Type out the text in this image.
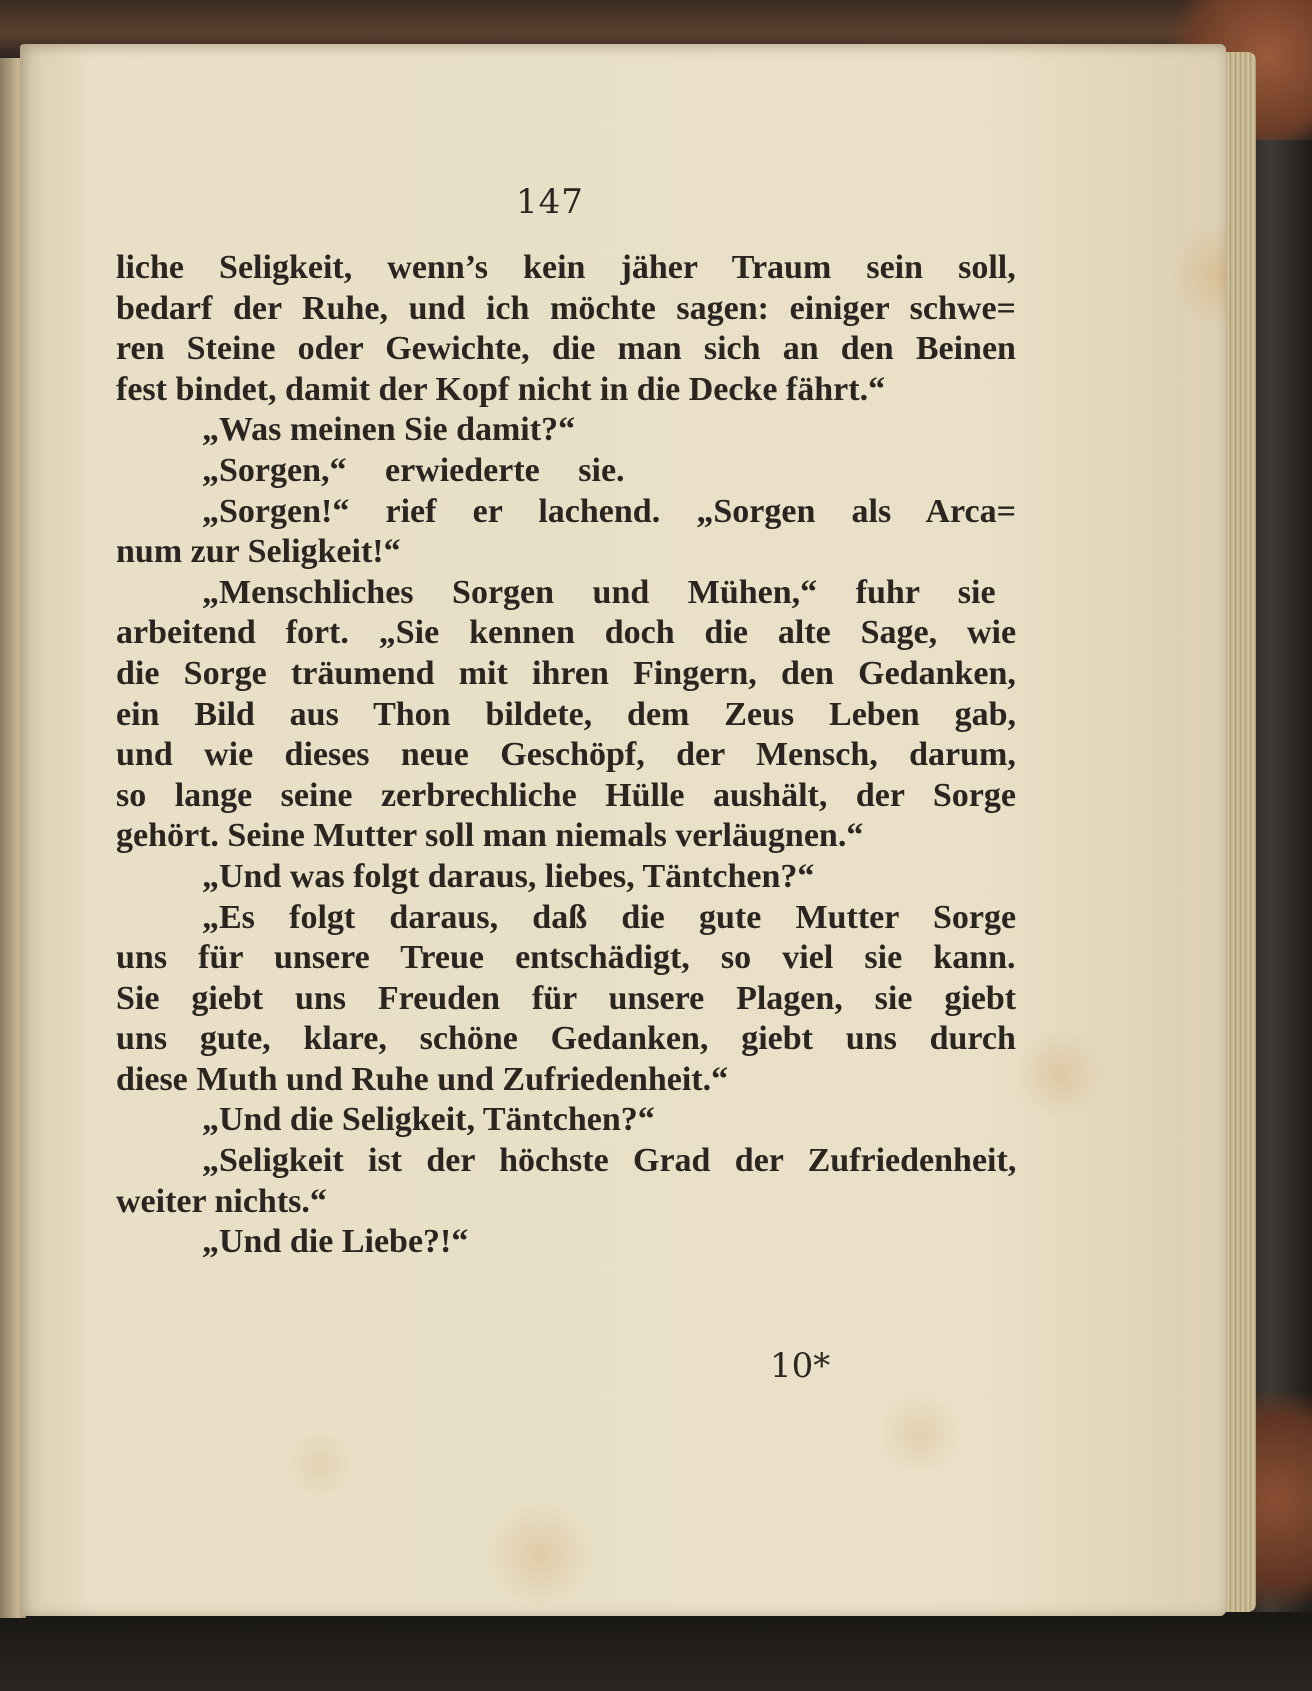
147
liche Seligkeit, wenn’s kein jäher Traum sein soll,
bedarf der Ruhe, und ich möchte sagen: einiger schwe=
ren Steine oder Gewichte, die man sich an den Beinen
fest bindet, damit der Kopf nicht in die Decke fährt.“
„Was meinen Sie damit?“
„Sorgen,“ erwiederte sie.
„Sorgen!“ rief er lachend. „Sorgen als Arca=
num zur Seligkeit!“
„Menschliches Sorgen und Mühen,“ fuhr sie
arbeitend fort. „Sie kennen doch die alte Sage, wie
die Sorge träumend mit ihren Fingern, den Gedanken,
ein Bild aus Thon bildete, dem Zeus Leben gab,
und wie dieses neue Geschöpf, der Mensch, darum,
so lange seine zerbrechliche Hülle aushält, der Sorge
gehört. Seine Mutter soll man niemals verläugnen.“
„Und was folgt daraus, liebes, Täntchen?“
„Es folgt daraus, daß die gute Mutter Sorge
uns für unsere Treue entschädigt, so viel sie kann.
Sie giebt uns Freuden für unsere Plagen, sie giebt
uns gute, klare, schöne Gedanken, giebt uns durch
diese Muth und Ruhe und Zufriedenheit.“
„Und die Seligkeit, Täntchen?“
„Seligkeit ist der höchste Grad der Zufriedenheit,
weiter nichts.“
„Und die Liebe?!“
10*
